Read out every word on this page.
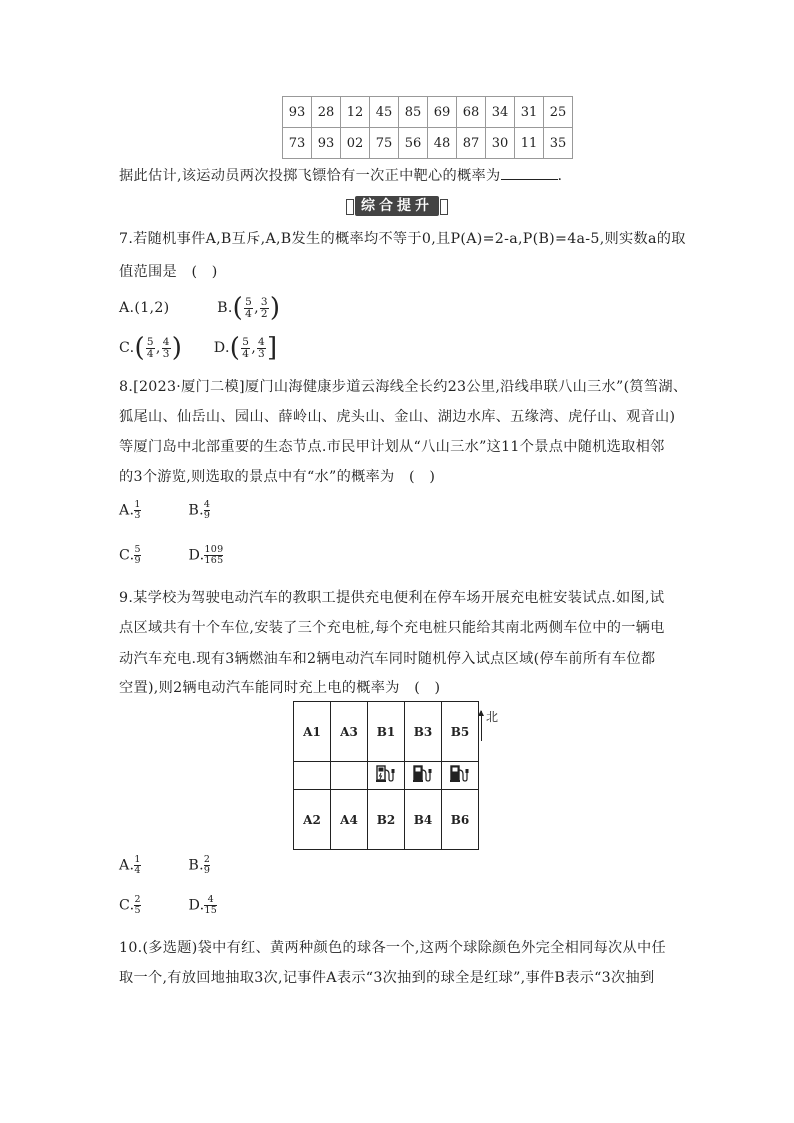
93	28	12	45	85	69	68	34	31	25
73	93	02	75	56	48	87	30	11	35
据此估计,该运动员两次投掷飞镖恰有一次正中靶心的概率为	.
综合提升
7.若随机事件A,B互斥,A,B发生的概率均不等于0,且P(A)=2-a,P(B)=4a-5,则实数a的取
值范围是　(　)
A.(1,2)	$B.( \frac{5}{4}$ , $\frac{3}{2}$ )
$C.( \frac{5}{4}$ , $\frac{4}{3}$ ) $D.( \frac{5}{4}$ , $\frac{4}{3}$ ]
8.[2023·厦门二模]厦门山海健康步道云海线全长约23公里,沿线串联八山三水”(筼筜湖、
狐尾山、仙岳山、园山、薛岭山、虎头山、金山、湖边水库、五缘湾、虎仔山、观音山)
等厦门岛中北部重要的生态节点.市民甲计划从“八山三水”这11个景点中随机选取相邻
的3个游览,则选取的景点中有“水”的概率为　(　)
A. $\frac{1}{3}$	B. $\frac{4}{9}$
C. $\frac{5}{9}$	D. $\frac{109}{165}$
9.某学校为驾驶电动汽车的教职工提供充电便利在停车场开展充电桩安装试点.如图,试
点区域共有十个车位,安装了三个充电桩,每个充电桩只能给其南北两侧车位中的一辆电
动汽车充电.现有3辆燃油车和2辆电动汽车同时随机停入试点区域(停车前所有车位都
空置),则2辆电动汽车能同时充上电的概率为　(　)
A1	A3	B1	B3	B5

A2	A4	B2	B4	B6
北
A. $\frac{1}{4}$	B. $\frac{2}{9}$
C. $\frac{2}{5}$	D. $\frac{4}{15}$
10.(多选题)袋中有红、黄两种颜色的球各一个,这两个球除颜色外完全相同每次从中任
取一个,有放回地抽取3次,记事件A表示“3次抽到的球全是红球”,事件B表示“3次抽到
